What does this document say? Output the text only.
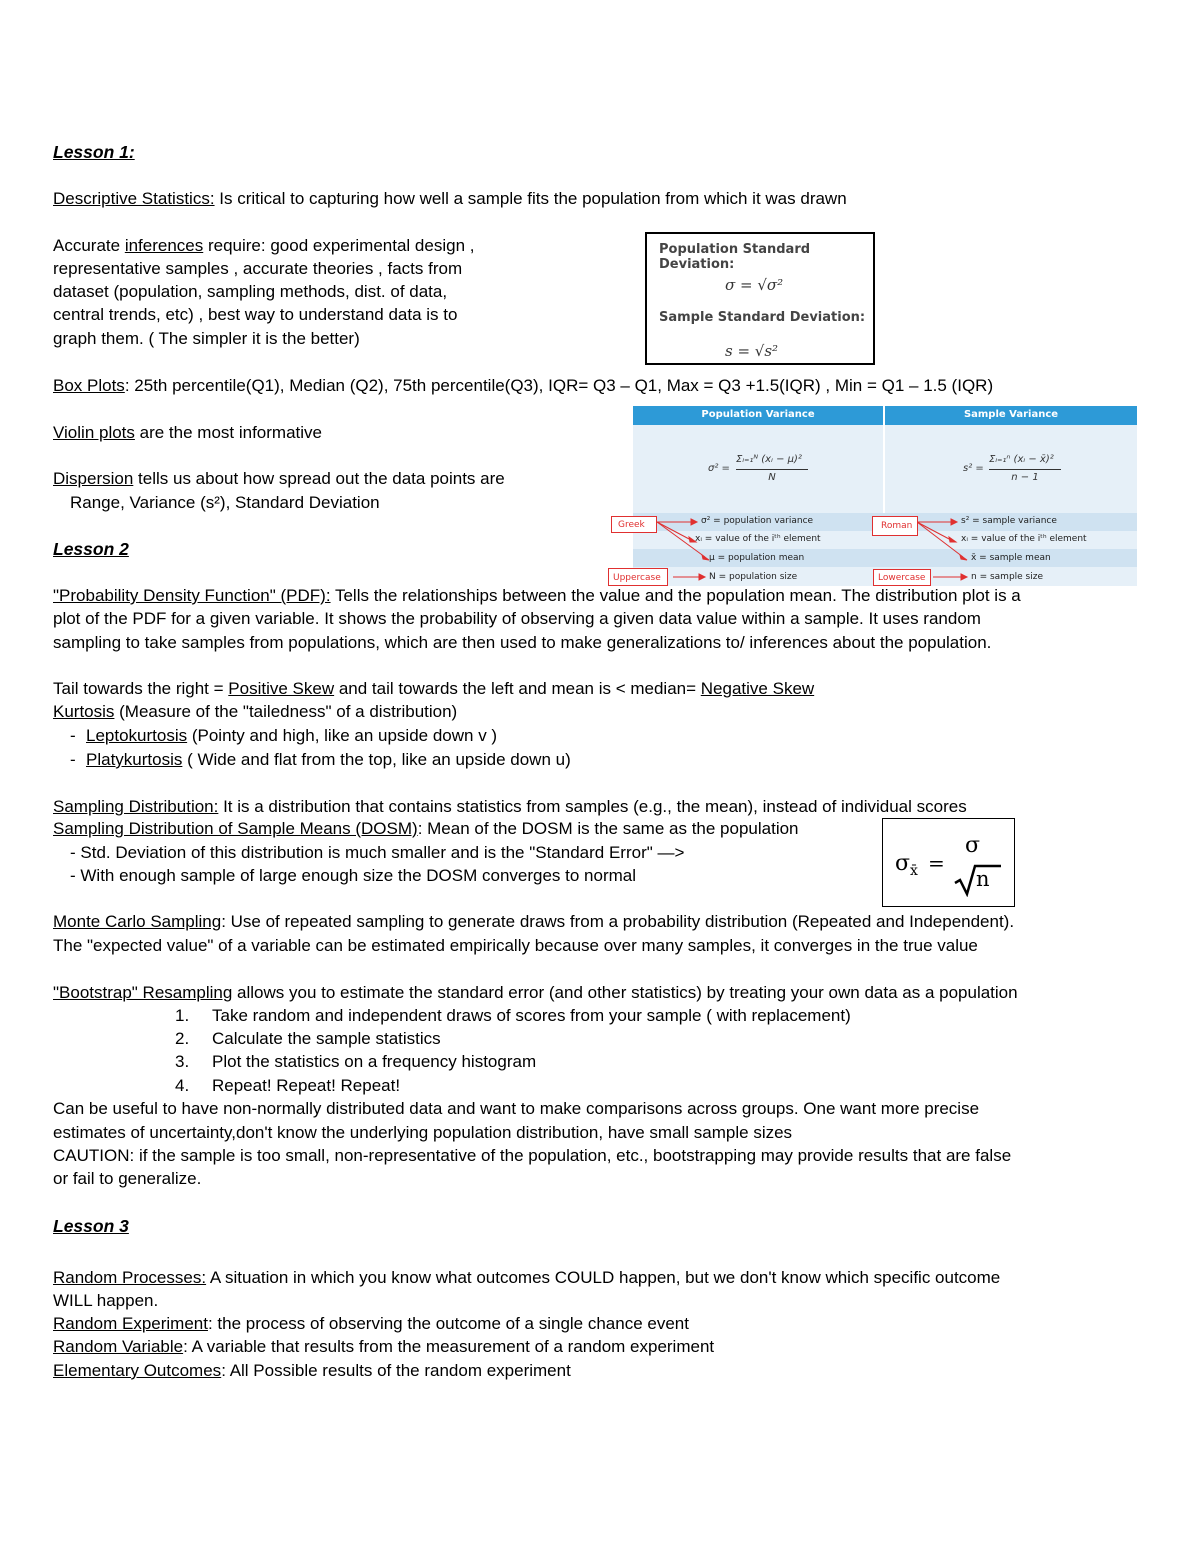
Lesson 1:
Descriptive Statistics: Is critical to capturing how well a sample fits the population from which it was drawn
Accurate inferences require: good experimental design ,
representative samples , accurate theories , facts from
dataset (population, sampling methods, dist. of data,
central trends, etc) , best way to understand data is to
graph them. ( The simpler it is the better)
Population Standard Deviation:
σ = √σ²
Sample Standard Deviation:
s = √s²
Box Plots: 25th percentile(Q1), Median (Q2), 75th percentile(Q3), IQR= Q3 – Q1, Max = Q3 +1.5(IQR) , Min = Q1 – 1.5 (IQR)
Violin plots are the most informative
Dispersion tells us about how spread out the data points are
Range, Variance (s²), Standard Deviation
Population Variance	Sample Variance
σ² =
Σᵢ₌₁ᴺ (xᵢ − μ)²
N
s² =
Σᵢ₌₁ⁿ (xᵢ − x̄)²
n − 1
σ² = population variance
xᵢ = value of the iᵗʰ element
μ = population mean
N = population size
s² = sample variance
xᵢ = value of the iᵗʰ element
x̄ = sample mean
n = sample size
Greek
Uppercase
Roman
Lowercase
Lesson 2
"Probability Density Function" (PDF): Tells the relationships between the value and the population mean. The distribution plot is a
plot of the PDF for a given variable. It shows the probability of observing a given data value within a sample. It uses random
sampling to take samples from populations, which are then used to make generalizations to/ inferences about the population.
Tail towards the right = Positive Skew and tail towards the left and mean is < median= Negative Skew
Kurtosis (Measure of the "tailedness" of a distribution)
- Leptokurtosis (Pointy and high, like an upside down v )
- Platykurtosis ( Wide and flat from the top, like an upside down u)
Sampling Distribution: It is a distribution that contains statistics from samples (e.g., the mean), instead of individual scores
Sampling Distribution of Sample Means (DOSM): Mean of the DOSM is the same as the population
- Std. Deviation of this distribution is much smaller and is the "Standard Error" —>
- With enough sample of large enough size the DOSM converges to normal	σ x̄ =
σ
n
Monte Carlo Sampling: Use of repeated sampling to generate draws from a probability distribution (Repeated and Independent).
The "expected value" of a variable can be estimated empirically because over many samples, it converges in the true value
"Bootstrap" Resampling allows you to estimate the standard error (and other statistics) by treating your own data as a population
1. Take random and independent draws of scores from your sample ( with replacement)
2. Calculate the sample statistics
3. Plot the statistics on a frequency histogram
4. Repeat! Repeat! Repeat!
Can be useful to have non-normally distributed data and want to make comparisons across groups. One want more precise
estimates of uncertainty,don't know the underlying population distribution, have small sample sizes
CAUTION: if the sample is too small, non-representative of the population, etc., bootstrapping may provide results that are false
or fail to generalize.
Lesson 3
Random Processes: A situation in which you know what outcomes COULD happen, but we don't know which specific outcome
WILL happen.
Random Experiment: the process of observing the outcome of a single chance event
Random Variable: A variable that results from the measurement of a random experiment
Elementary Outcomes: All Possible results of the random experiment
